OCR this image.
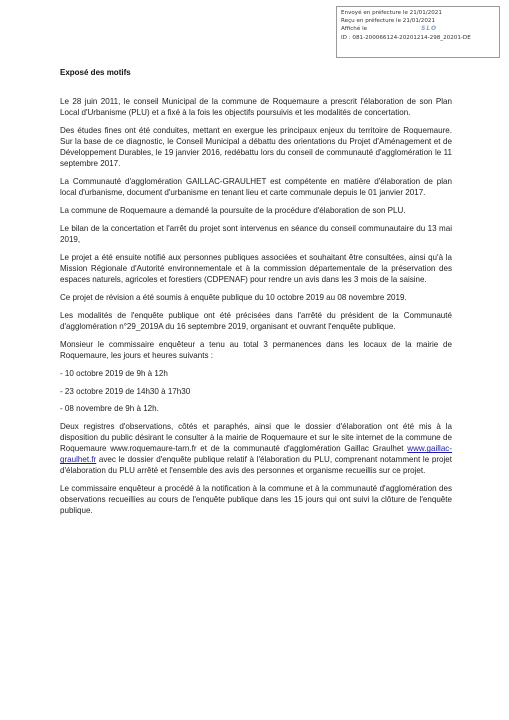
Envoyé en préfecture le 21/01/2021
Reçu en préfecture le 21/01/2021
Affiché le	SLO
ID : 081-200066124-20201214-298_20201-DE
Exposé des motifs

Le 28 juin 2011, le conseil Municipal de la commune de Roquemaure a prescrit l'élaboration de son Plan Local d'Urbanisme (PLU) et a fixé à la fois les objectifs poursuivis et les modalités de concertation.

Des études fines ont été conduites, mettant en exergue les principaux enjeux du territoire de Roquemaure. Sur la base de ce diagnostic, le Conseil Municipal a débattu des orientations du Projet d'Aménagement et de Développement Durables, le 19 janvier 2016, redébattu lors du conseil de communauté d'agglomération le 11 septembre 2017.

La Communauté d'agglomération GAILLAC-GRAULHET est compétente en matière d'élaboration de plan local d'urbanisme, document d'urbanisme en tenant lieu et carte communale depuis le 01 janvier 2017.

La commune de Roquemaure a demandé la poursuite de la procédure d'élaboration de son PLU.

Le bilan de la concertation et l'arrêt du projet sont intervenus en séance du conseil communautaire du 13 mai 2019,

Le projet a été ensuite notifié aux personnes publiques associées et souhaitant être consultées, ainsi qu'à la Mission Régionale d'Autorité environnementale et à la commission départementale de la préservation des espaces naturels, agricoles et forestiers (CDPENAF) pour rendre un avis dans les 3 mois de la saisine.

Ce projet de révision a été soumis à enquête publique du 10 octobre 2019 au 08 novembre 2019.

Les modalités de l'enquête publique ont été précisées dans l'arrêté du président de la Communauté d'agglomération n°29_2019A du 16 septembre 2019, organisant et ouvrant l'enquête publique.

Monsieur le commissaire enquêteur a tenu au total 3 permanences dans les locaux de la mairie de Roquemaure, les jours et heures suivants :

- 10 octobre 2019 de 9h à 12h

- 23 octobre 2019 de 14h30 à 17h30

- 08 novembre de 9h à 12h.

Deux registres d'observations, côtés et paraphés, ainsi que le dossier d'élaboration ont été mis à la disposition du public désirant le consulter à la mairie de Roquemaure et sur le site internet de la commune de Roquemaure www.roquemaure-tarn.fr et de la communauté d'agglomération Gaillac Graulhet www.gaillac-graulhet.fr avec le dossier d'enquête publique relatif à l'élaboration du PLU, comprenant notamment le projet d'élaboration du PLU arrêté et l'ensemble des avis des personnes et organisme recueillis sur ce projet.

Le commissaire enquêteur a procédé à la notification à la commune et à la communauté d'agglomération des observations recueillies au cours de l'enquête publique dans les 15 jours qui ont suivi la clôture de l'enquête publique.
